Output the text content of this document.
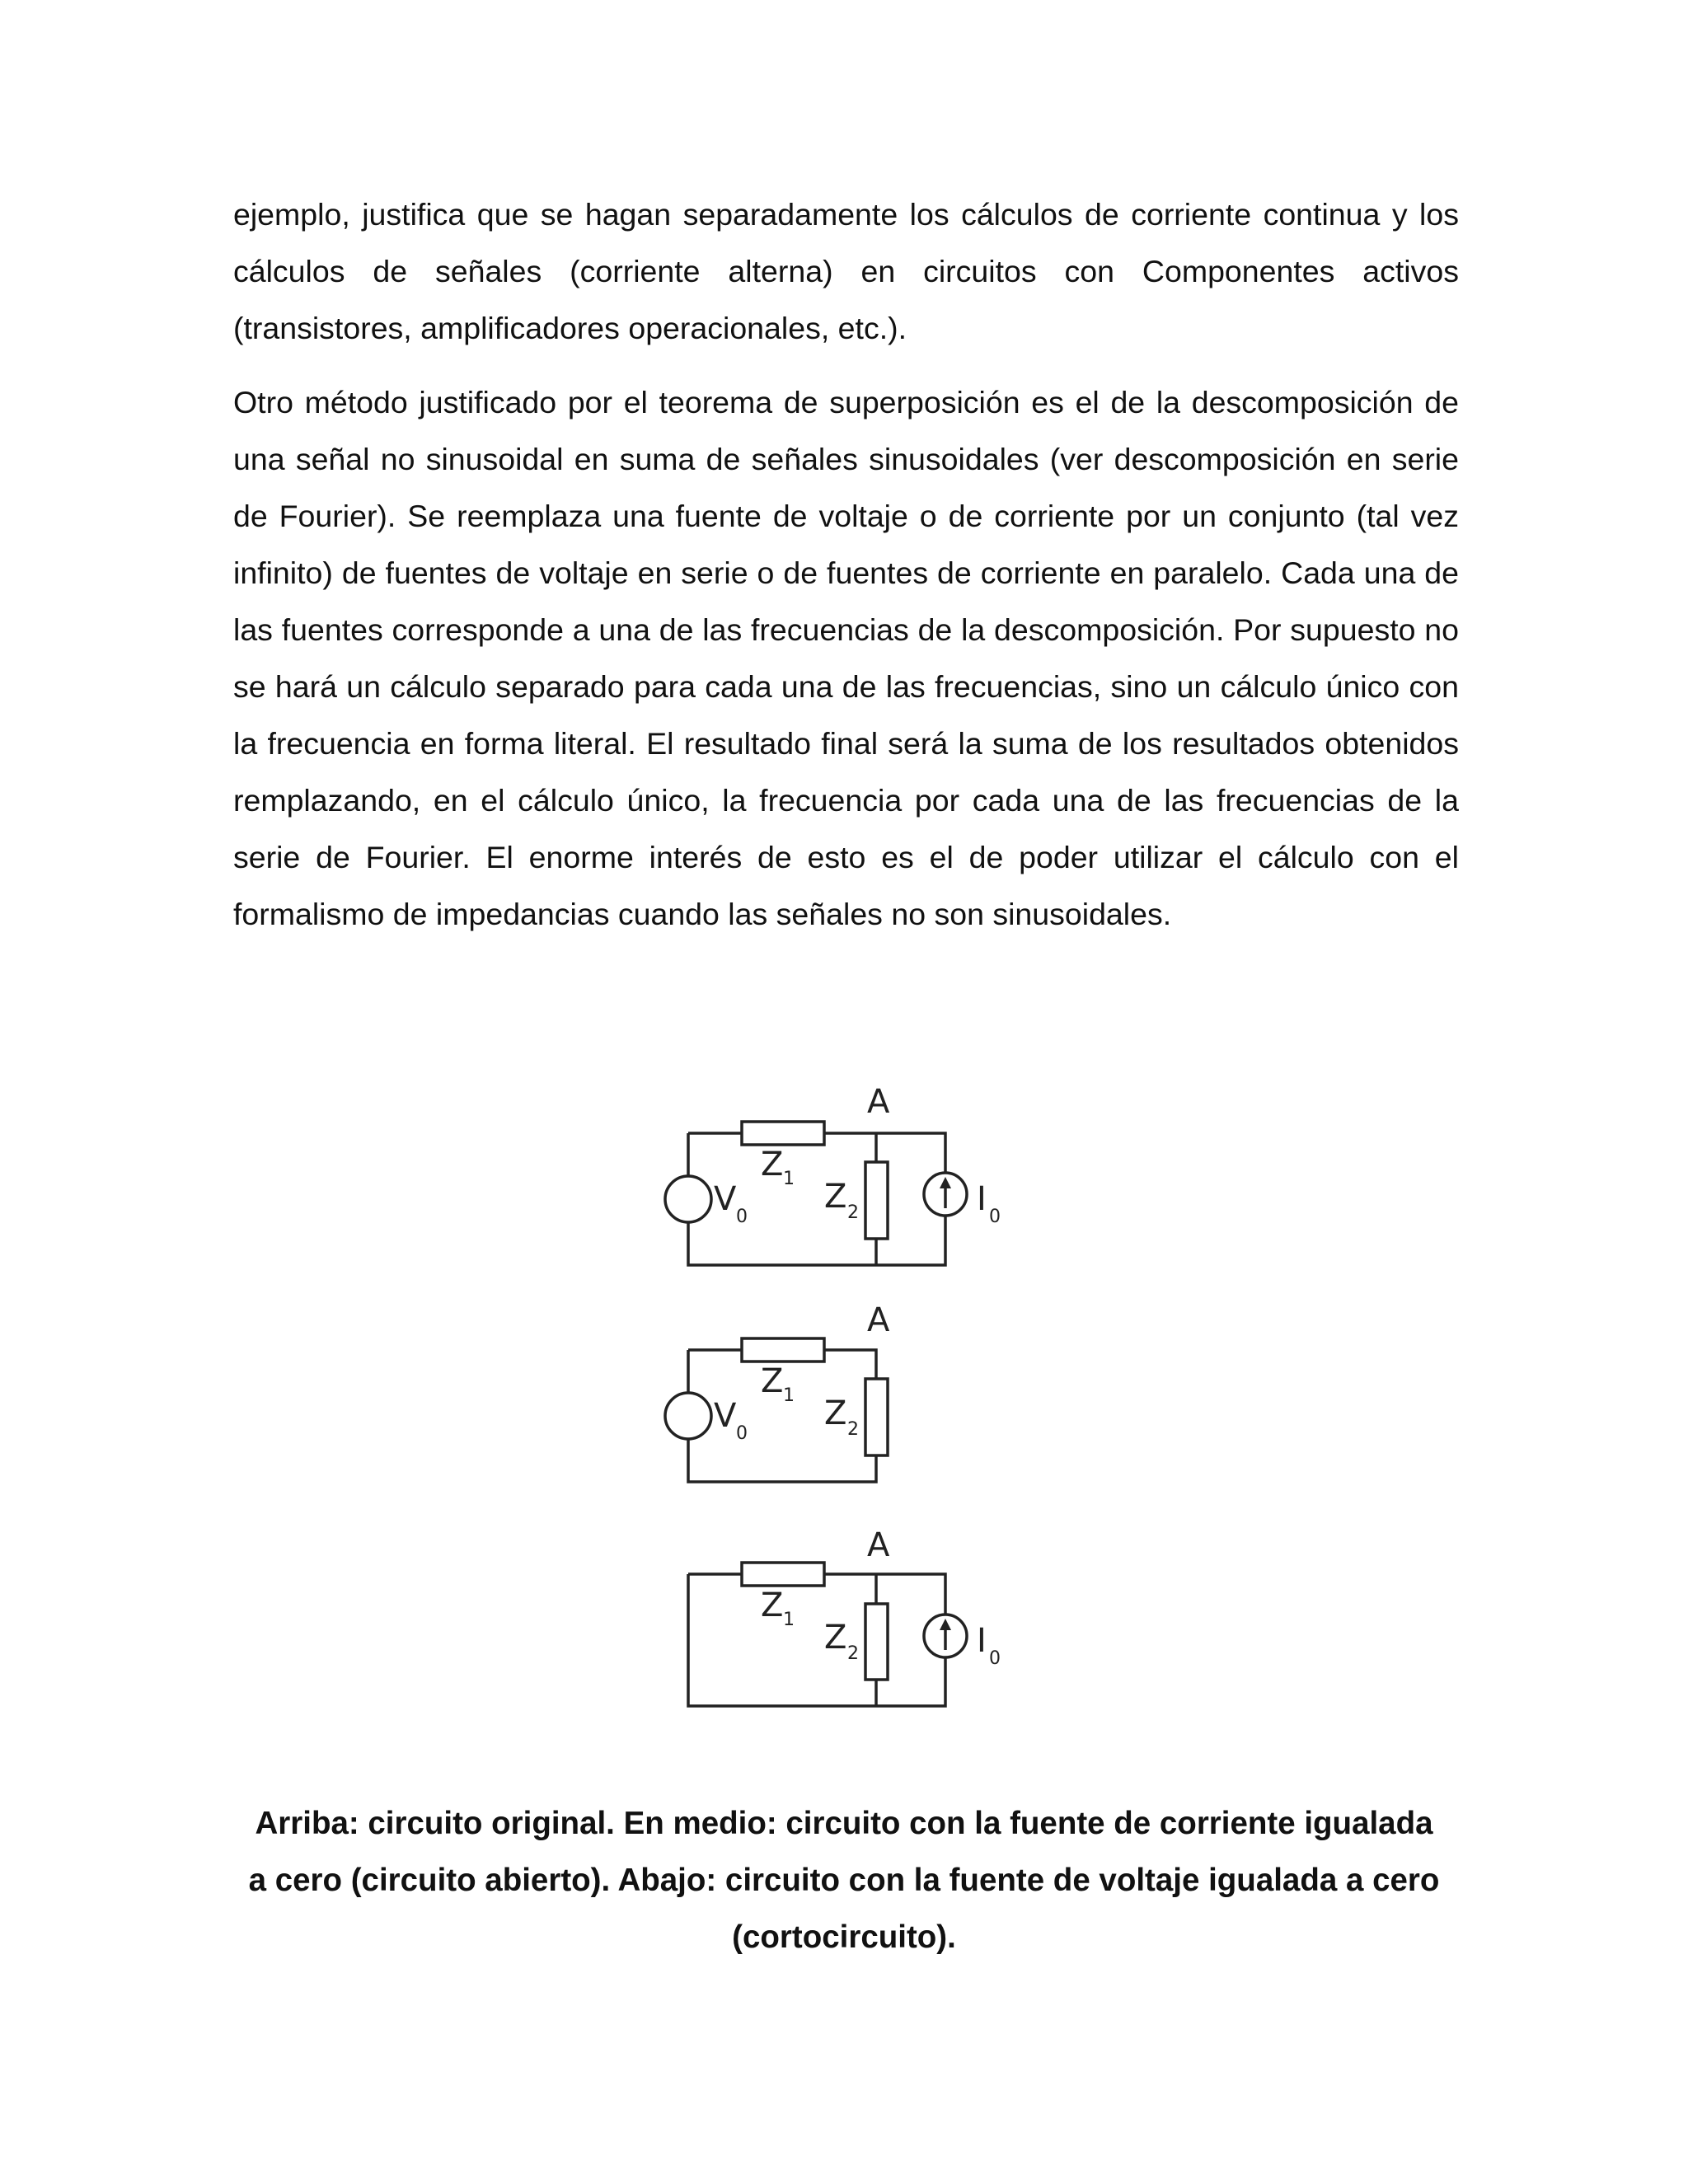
ejemplo, justifica que se hagan separadamente los cálculos de corriente continua y los cálculos de señales (corriente alterna) en circuitos con Componentes activos (transistores, amplificadores operacionales, etc.).

Otro método justificado por el teorema de superposición es el de la descomposición de una señal no sinusoidal en suma de señales sinusoidales (ver descomposición en serie de Fourier). Se reemplaza una fuente de voltaje o de corriente por un conjunto (tal vez infinito) de fuentes de voltaje en serie o de fuentes de corriente en paralelo. Cada una de las fuentes corresponde a una de las frecuencias de la descomposición. Por supuesto no se hará un cálculo separado para cada una de las frecuencias, sino un cálculo único con la frecuencia en forma literal. El resultado final será la suma de los resultados obtenidos remplazando, en el cálculo único, la frecuencia por cada una de las frecuencias de la serie de Fourier. El enorme interés de esto es el de poder utilizar el cálculo con el formalismo de impedancias cuando las señales no son sinusoidales.

A
Z 1 Z 2
V 0	I 0
A
Z 1 Z 2
V 0
A
Z 1 Z 2	I 0

Arriba: circuito original. En medio: circuito con la fuente de corriente igualada a cero (circuito abierto). Abajo: circuito con la fuente de voltaje igualada a cero (cortocircuito).
